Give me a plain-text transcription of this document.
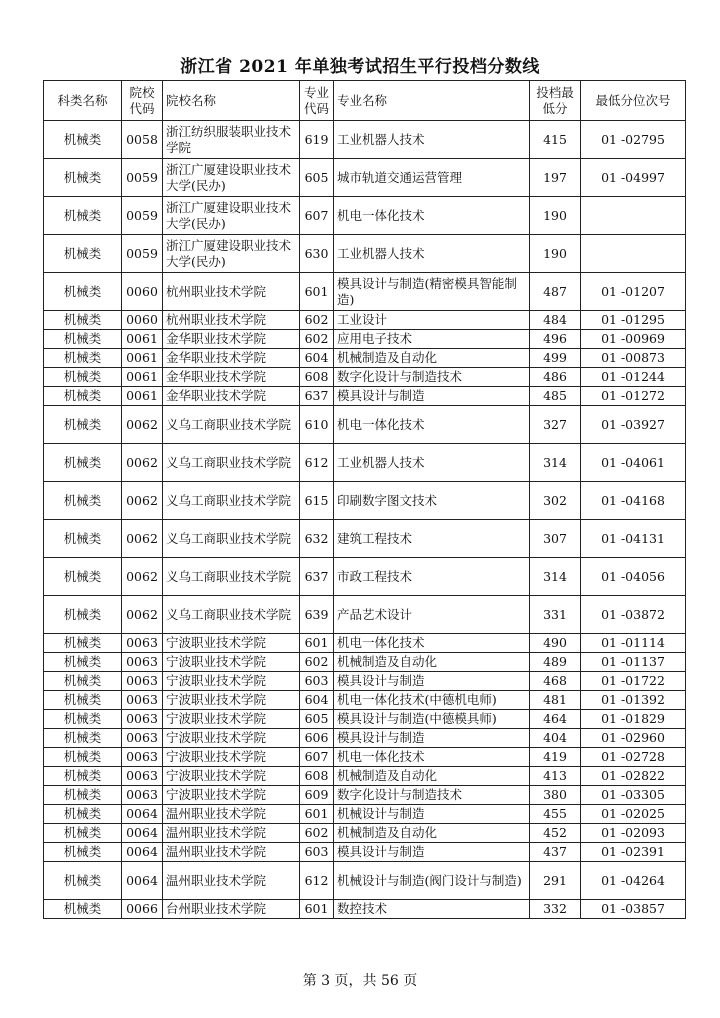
浙江省 2021 年单独考试招生平行投档分数线
科类名称	院校代码	院校名称	专业代码	专业名称	投档最低分	最低分位次号
机械类	0058	浙江纺织服装职业技术学院	619	工业机器人技术	415	01 -02795
机械类	0059	浙江广厦建设职业技术大学(民办)	605	城市轨道交通运营管理	197	01 -04997
机械类	0059	浙江广厦建设职业技术大学(民办)	607	机电一体化技术	190	
机械类	0059	浙江广厦建设职业技术大学(民办)	630	工业机器人技术	190	
机械类	0060	杭州职业技术学院	601	模具设计与制造(精密模具智能制造)	487	01 -01207
机械类	0060	杭州职业技术学院	602	工业设计	484	01 -01295
机械类	0061	金华职业技术学院	602	应用电子技术	496	01 -00969
机械类	0061	金华职业技术学院	604	机械制造及自动化	499	01 -00873
机械类	0061	金华职业技术学院	608	数字化设计与制造技术	486	01 -01244
机械类	0061	金华职业技术学院	637	模具设计与制造	485	01 -01272
机械类	0062	义乌工商职业技术学院	610	机电一体化技术	327	01 -03927
机械类	0062	义乌工商职业技术学院	612	工业机器人技术	314	01 -04061
机械类	0062	义乌工商职业技术学院	615	印刷数字图文技术	302	01 -04168
机械类	0062	义乌工商职业技术学院	632	建筑工程技术	307	01 -04131
机械类	0062	义乌工商职业技术学院	637	市政工程技术	314	01 -04056
机械类	0062	义乌工商职业技术学院	639	产品艺术设计	331	01 -03872
机械类	0063	宁波职业技术学院	601	机电一体化技术	490	01 -01114
机械类	0063	宁波职业技术学院	602	机械制造及自动化	489	01 -01137
机械类	0063	宁波职业技术学院	603	模具设计与制造	468	01 -01722
机械类	0063	宁波职业技术学院	604	机电一体化技术(中德机电师)	481	01 -01392
机械类	0063	宁波职业技术学院	605	模具设计与制造(中德模具师)	464	01 -01829
机械类	0063	宁波职业技术学院	606	模具设计与制造	404	01 -02960
机械类	0063	宁波职业技术学院	607	机电一体化技术	419	01 -02728
机械类	0063	宁波职业技术学院	608	机械制造及自动化	413	01 -02822
机械类	0063	宁波职业技术学院	609	数字化设计与制造技术	380	01 -03305
机械类	0064	温州职业技术学院	601	机械设计与制造	455	01 -02025
机械类	0064	温州职业技术学院	602	机械制造及自动化	452	01 -02093
机械类	0064	温州职业技术学院	603	模具设计与制造	437	01 -02391
机械类	0064	温州职业技术学院	612	机械设计与制造(阀门设计与制造)	291	01 -04264
机械类	0066	台州职业技术学院	601	数控技术	332	01 -03857
第 3 页，共 56 页
